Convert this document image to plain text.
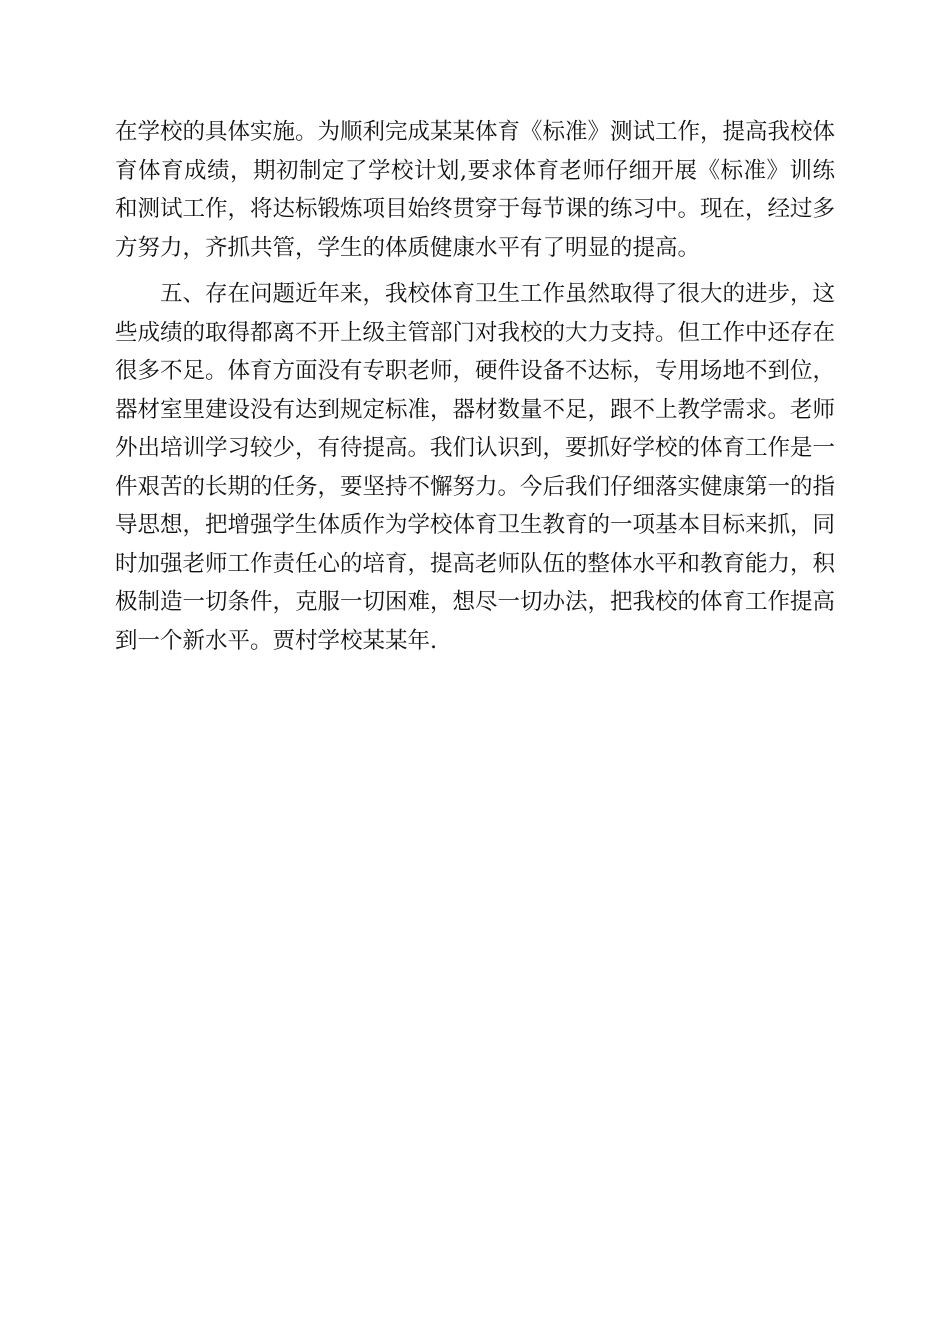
在学校的具体实施。为顺利完成某某体育《标准》测试工作，提高我校体育体育成绩，期初制定了学校计划,要求体育老师仔细开展《标准》训练和测试工作，将达标锻炼项目始终贯穿于每节课的练习中。现在，经过多方努力，齐抓共管，学生的体质健康水平有了明显的提高。

五、存在问题近年来，我校体育卫生工作虽然取得了很大的进步，这些成绩的取得都离不开上级主管部门对我校的大力支持。但工作中还存在很多不足。体育方面没有专职老师，硬件设备不达标，专用场地不到位，器材室里建设没有达到规定标准，器材数量不足，跟不上教学需求。老师外出培训学习较少，有待提高。我们认识到，要抓好学校的体育工作是一件艰苦的长期的任务，要坚持不懈努力。今后我们仔细落实健康第一的指导思想，把增强学生体质作为学校体育卫生教育的一项基本目标来抓，同时加强老师工作责任心的培育，提高老师队伍的整体水平和教育能力，积极制造一切条件，克服一切困难，想尽一切办法，把我校的体育工作提高到一个新水平。贾村学校某某年.
